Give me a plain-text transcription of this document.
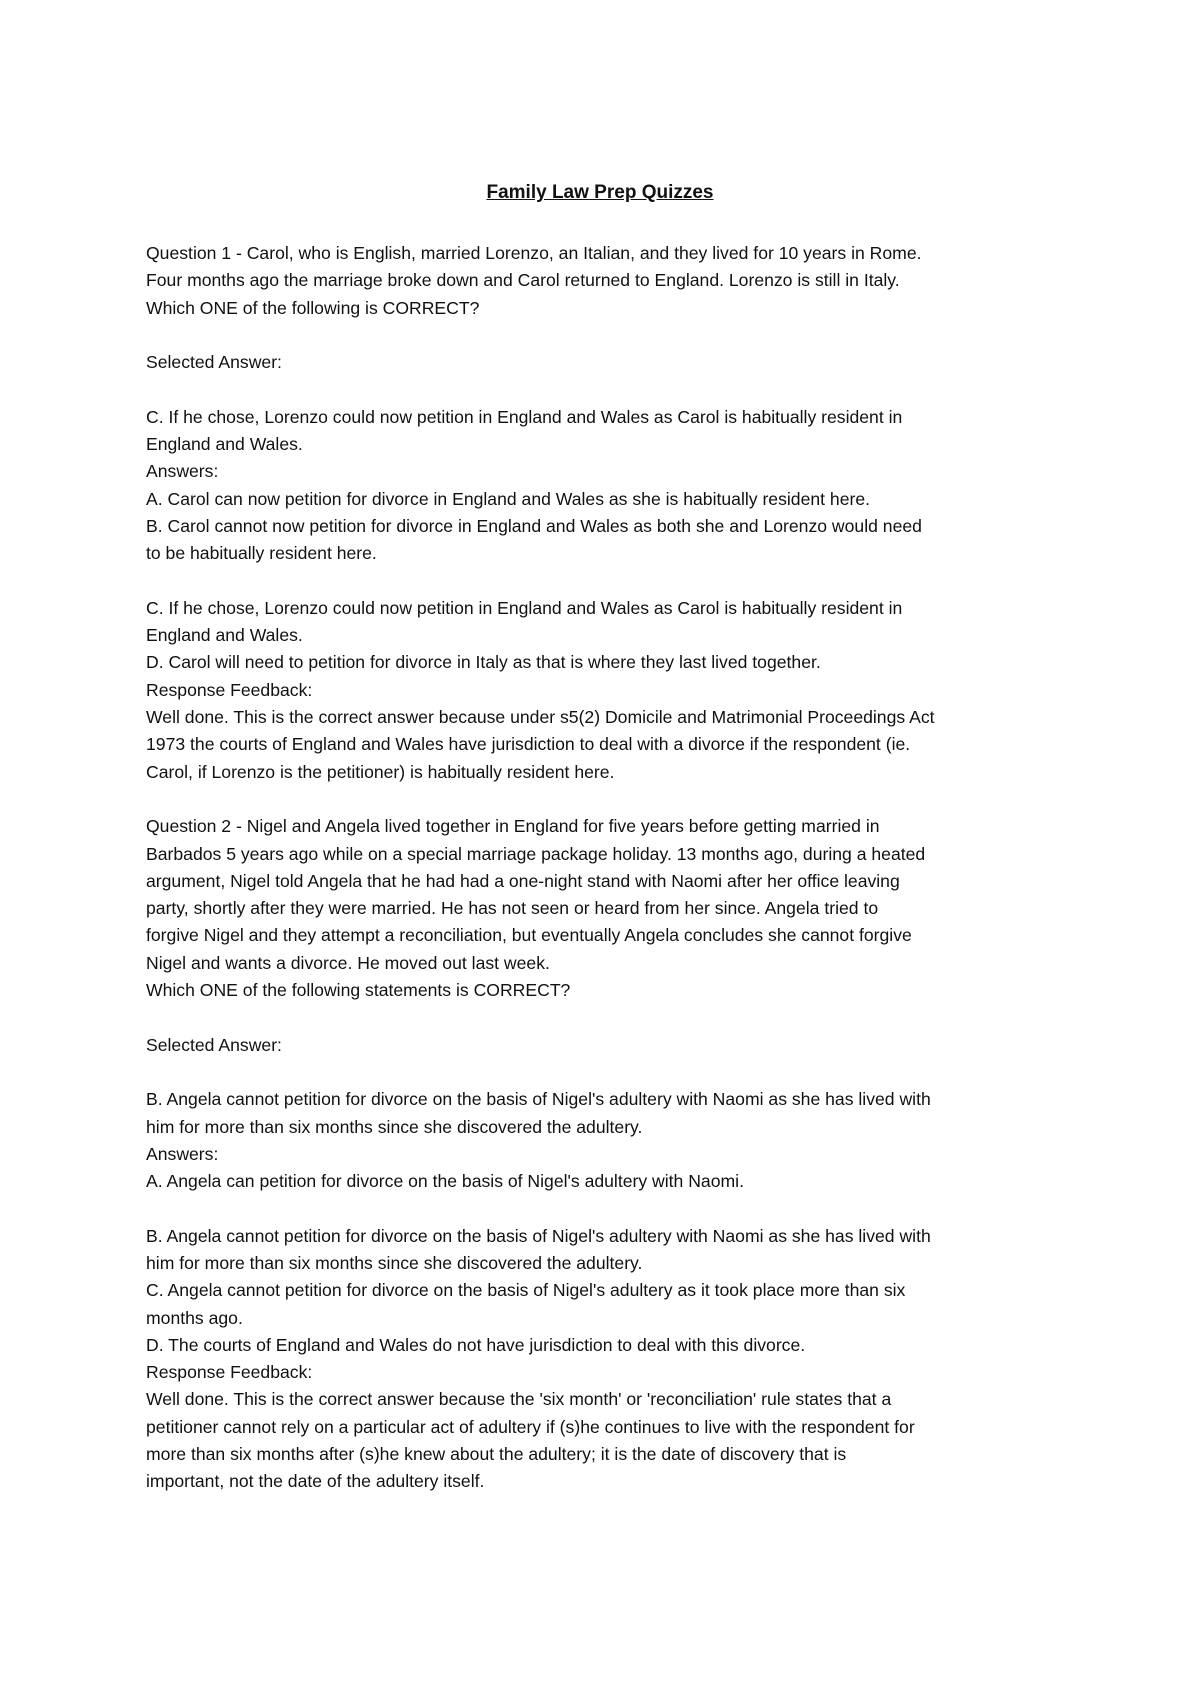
Family Law Prep Quizzes
Question 1 - Carol, who is English, married Lorenzo, an Italian, and they lived for 10 years in Rome.
Four months ago the marriage broke down and Carol returned to England. Lorenzo is still in Italy.
Which ONE of the following is CORRECT?
Selected Answer:
C. If he chose, Lorenzo could now petition in England and Wales as Carol is habitually resident in
England and Wales.
Answers:
A. Carol can now petition for divorce in England and Wales as she is habitually resident here.
B. Carol cannot now petition for divorce in England and Wales as both she and Lorenzo would need
to be habitually resident here.
C. If he chose, Lorenzo could now petition in England and Wales as Carol is habitually resident in
England and Wales.
D. Carol will need to petition for divorce in Italy as that is where they last lived together.
Response Feedback:
Well done. This is the correct answer because under s5(2) Domicile and Matrimonial Proceedings Act
1973 the courts of England and Wales have jurisdiction to deal with a divorce if the respondent (ie.
Carol, if Lorenzo is the petitioner) is habitually resident here.
Question 2 - Nigel and Angela lived together in England for five years before getting married in
Barbados 5 years ago while on a special marriage package holiday. 13 months ago, during a heated
argument, Nigel told Angela that he had had a one-night stand with Naomi after her office leaving
party, shortly after they were married. He has not seen or heard from her since. Angela tried to
forgive Nigel and they attempt a reconciliation, but eventually Angela concludes she cannot forgive
Nigel and wants a divorce. He moved out last week.
Which ONE of the following statements is CORRECT?
Selected Answer:
B. Angela cannot petition for divorce on the basis of Nigel's adultery with Naomi as she has lived with
him for more than six months since she discovered the adultery.
Answers:
A. Angela can petition for divorce on the basis of Nigel's adultery with Naomi.
B. Angela cannot petition for divorce on the basis of Nigel's adultery with Naomi as she has lived with
him for more than six months since she discovered the adultery.
C. Angela cannot petition for divorce on the basis of Nigel's adultery as it took place more than six
months ago.
D. The courts of England and Wales do not have jurisdiction to deal with this divorce.
Response Feedback:
Well done. This is the correct answer because the 'six month' or 'reconciliation' rule states that a
petitioner cannot rely on a particular act of adultery if (s)he continues to live with the respondent for
more than six months after (s)he knew about the adultery; it is the date of discovery that is
important, not the date of the adultery itself.
